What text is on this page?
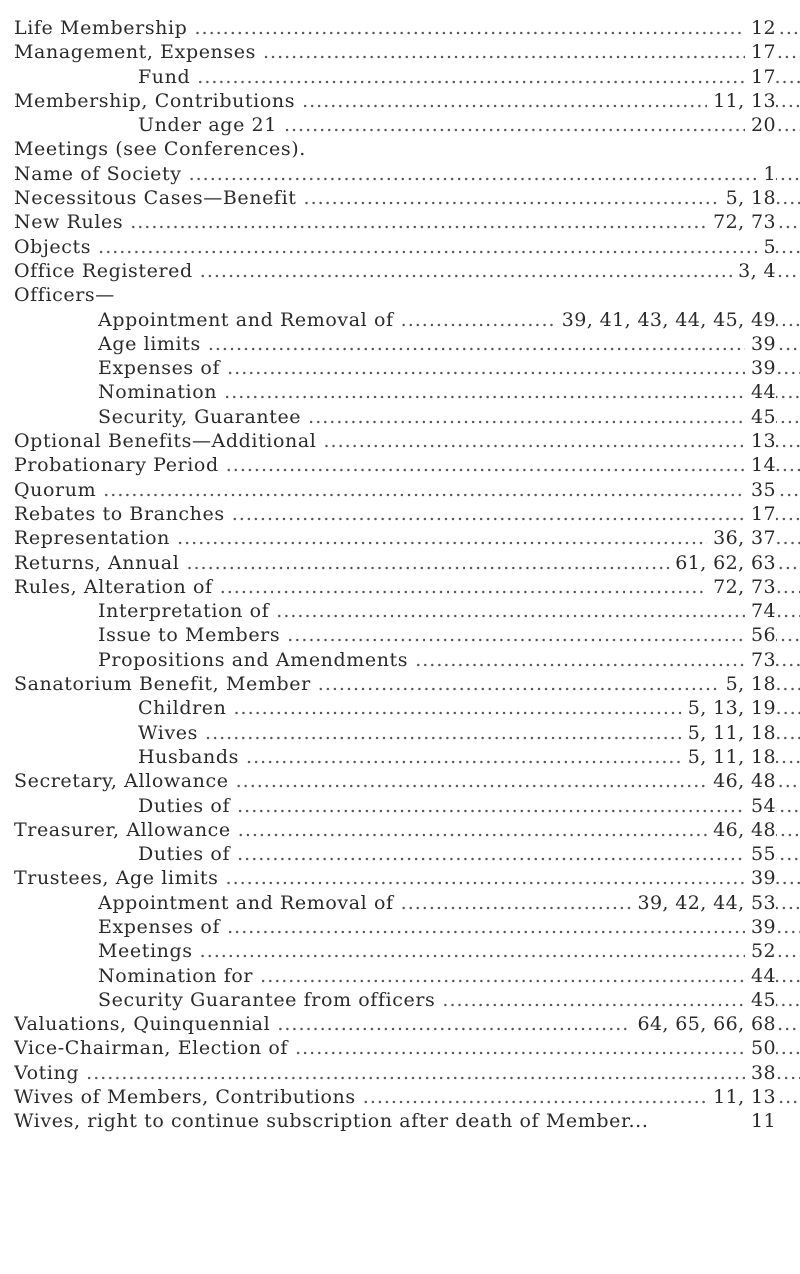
Life Membership .....	12
Management, Expenses .....	17
Fund .....	17
Membership, Contributions .....	11, 13
Under age 21 .....	20
Meetings (see Conferences).
Name of Society .....	1
Necessitous Cases—Benefit .....	5, 18
New Rules .....	72, 73
Objects .....	5
Office Registered .....	3, 4
Officers—
Appointment and Removal of .....	39, 41, 43, 44, 45, 49
Age limits .....	39
Expenses of .....	39
Nomination .....	44
Security, Guarantee .....	45
Optional Benefits—Additional .....	13
Probationary Period .....	14
Quorum .....	35
Rebates to Branches .....	17
Representation .....	36, 37
Returns, Annual .....	61, 62, 63
Rules, Alteration of .....	72, 73
Interpretation of .....	74
Issue to Members .....	56
Propositions and Amendments .....	73
Sanatorium Benefit, Member .....	5, 18
Children .....	5, 13, 19
Wives .....	5, 11, 18
Husbands .....	5, 11, 18
Secretary, Allowance .....	46, 48
Duties of .....	54
Treasurer, Allowance .....	46, 48
Duties of .....	55
Trustees, Age limits .....	39
Appointment and Removal of .....	39, 42, 44, 53
Expenses of .....	39
Meetings .....	52
Nomination for .....	44
Security Guarantee from officers .....	45
Valuations, Quinquennial .....	64, 65, 66, 68
Vice-Chairman, Election of .....	50
Voting .....	38
Wives of Members, Contributions .....	11, 13
Wives, right to continue subscription after death of Member...	11
